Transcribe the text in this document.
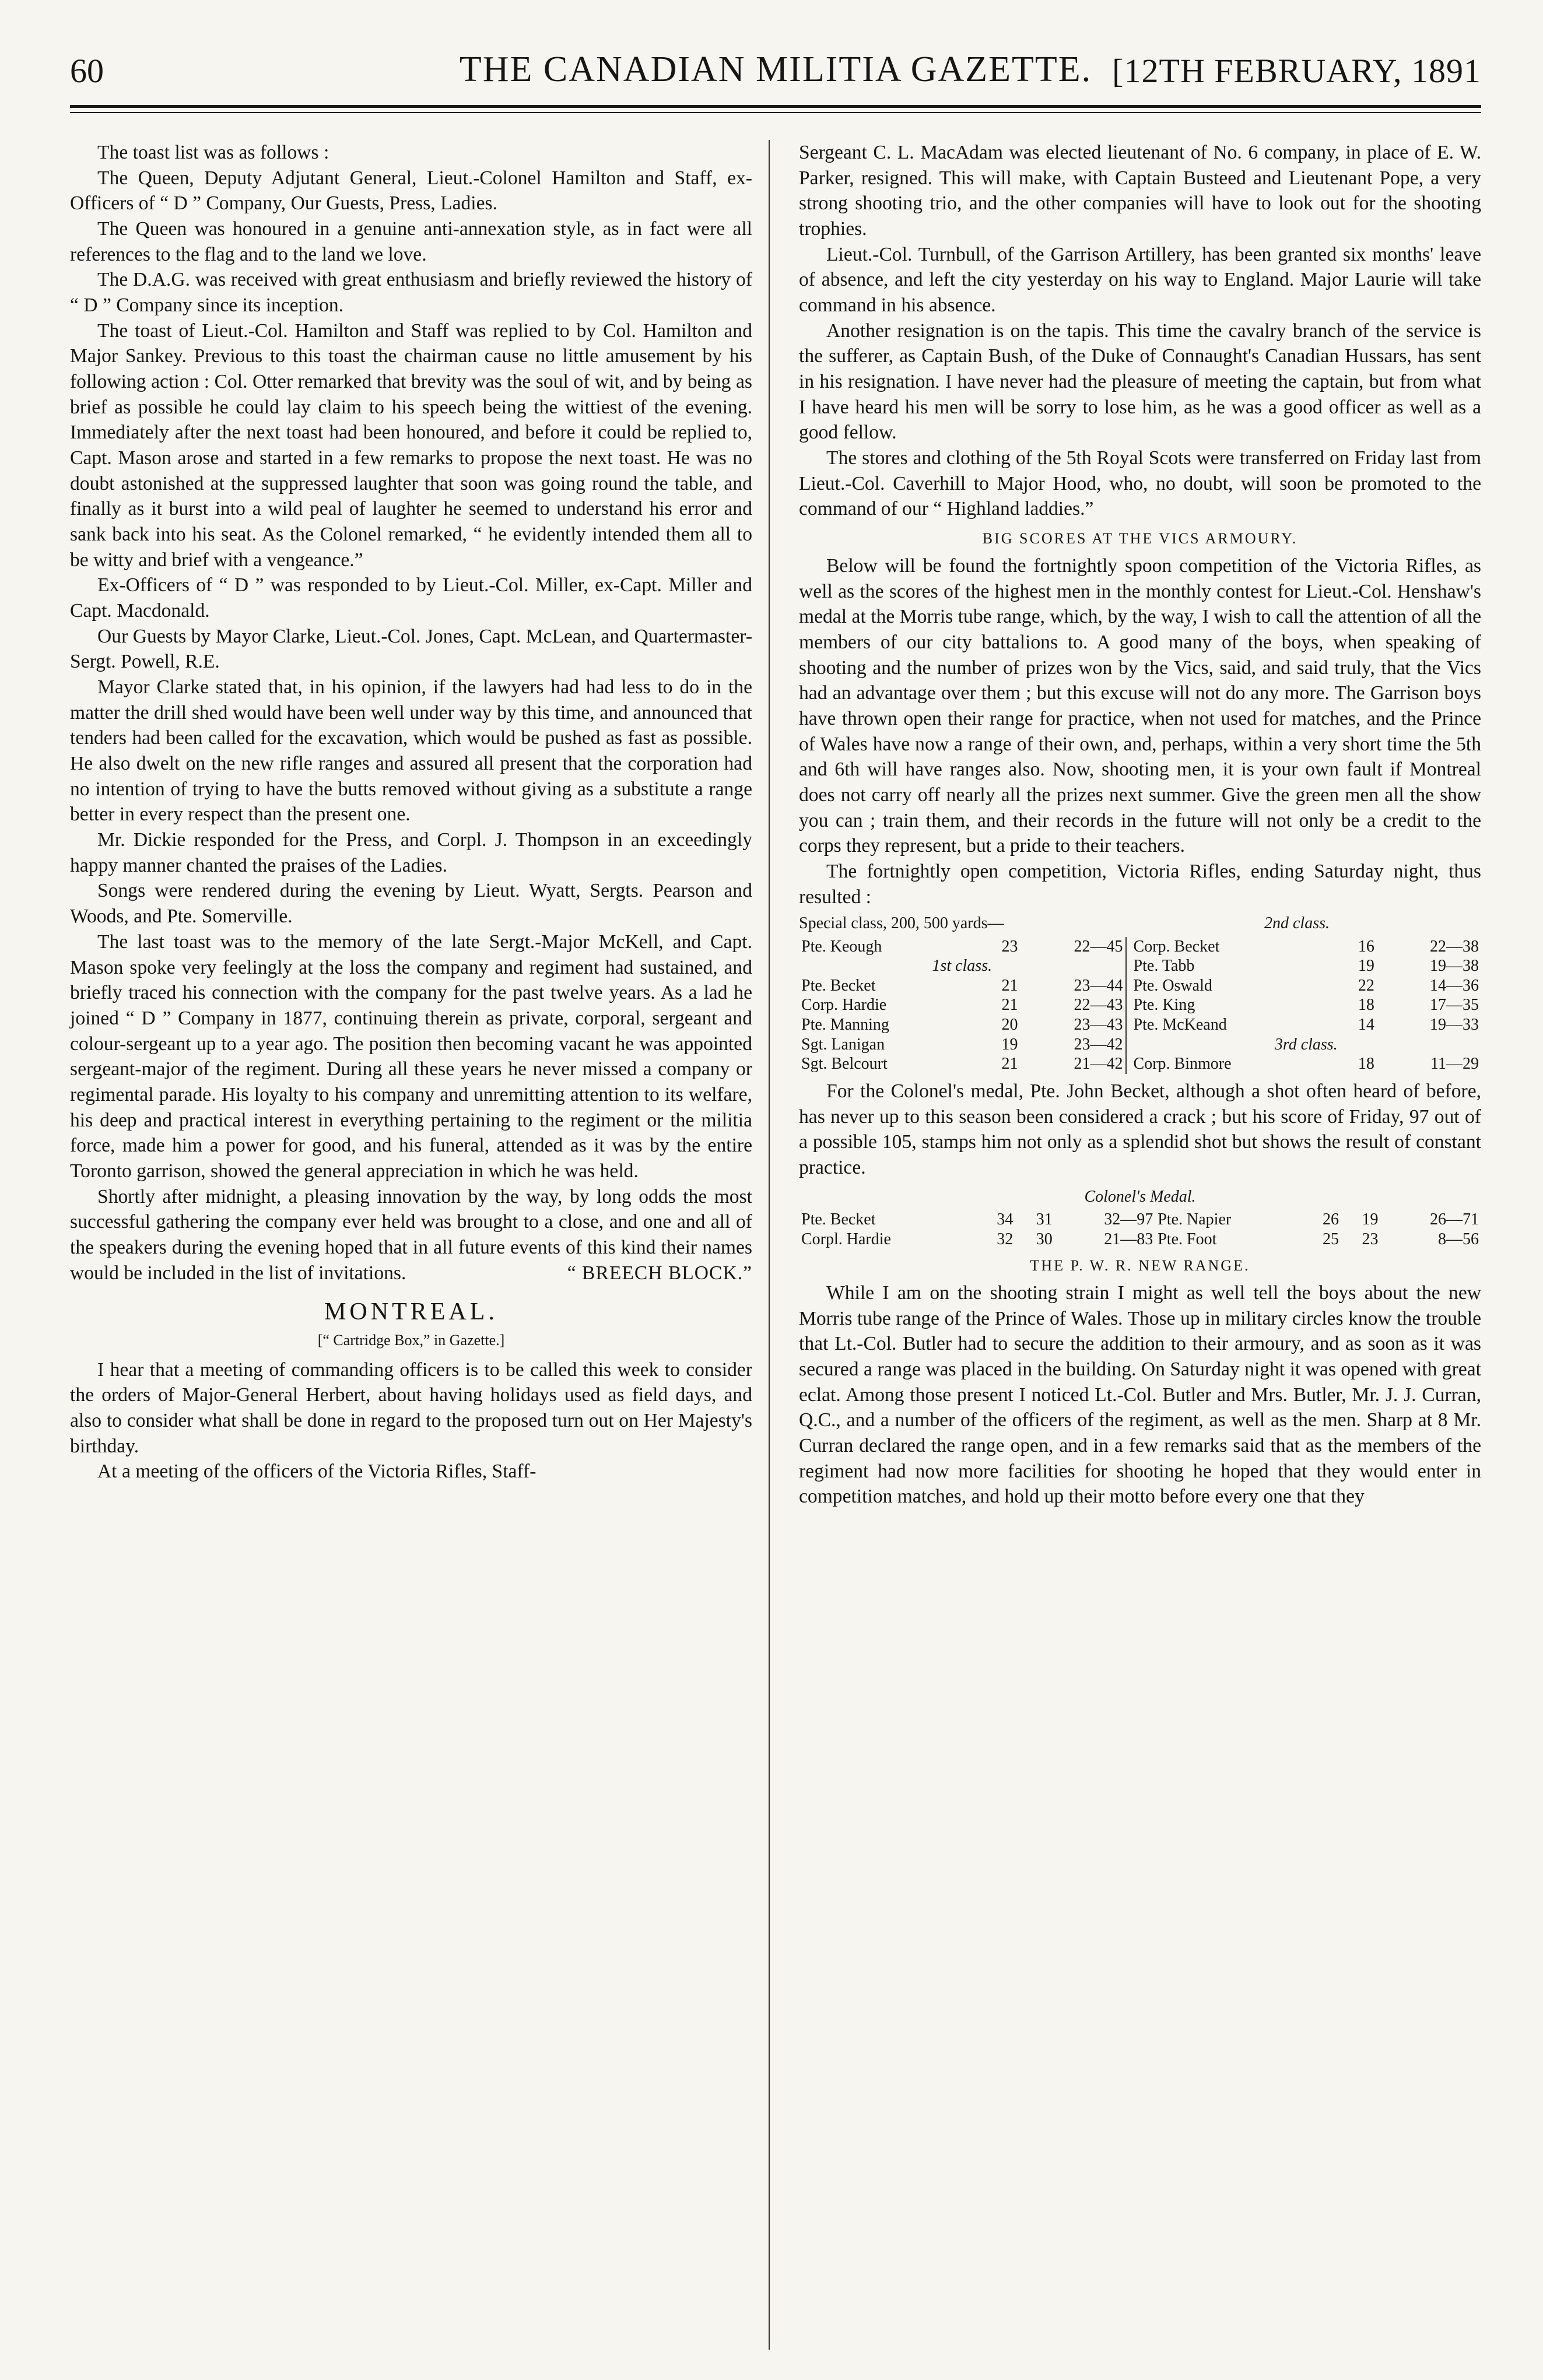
60	THE CANADIAN MILITIA GAZETTE. [12TH FEBRUARY, 1891

The toast list was as follows :

The Queen, Deputy Adjutant General, Lieut.-Colonel Hamilton and Staff, ex-Officers of “ D ” Company, Our Guests, Press, Ladies.

The Queen was honoured in a genuine anti-annexation style, as in fact were all references to the flag and to the land we love.

The D.A.G. was received with great enthusiasm and briefly reviewed the history of “ D ” Company since its inception.

The toast of Lieut.-Col. Hamilton and Staff was replied to by Col. Hamilton and Major Sankey. Previous to this toast the chairman cause no little amusement by his following action : Col. Otter remarked that brevity was the soul of wit, and by being as brief as possible he could lay claim to his speech being the wittiest of the evening. Immediately after the next toast had been honoured, and before it could be replied to, Capt. Mason arose and started in a few remarks to propose the next toast. He was no doubt astonished at the suppressed laughter that soon was going round the table, and finally as it burst into a wild peal of laughter he seemed to understand his error and sank back into his seat. As the Colonel remarked, “ he evidently intended them all to be witty and brief with a vengeance.”

Ex-Officers of “ D ” was responded to by Lieut.-Col. Miller, ex-Capt. Miller and Capt. Macdonald.

Our Guests by Mayor Clarke, Lieut.-Col. Jones, Capt. McLean, and Quartermaster-Sergt. Powell, R.E.

Mayor Clarke stated that, in his opinion, if the lawyers had had less to do in the matter the drill shed would have been well under way by this time, and announced that tenders had been called for the excavation, which would be pushed as fast as possible. He also dwelt on the new rifle ranges and assured all present that the corporation had no intention of trying to have the butts removed without giving as a substitute a range better in every respect than the present one.

Mr. Dickie responded for the Press, and Corpl. J. Thompson in an exceedingly happy manner chanted the praises of the Ladies.

Songs were rendered during the evening by Lieut. Wyatt, Sergts. Pearson and Woods, and Pte. Somerville.

The last toast was to the memory of the late Sergt.-Major McKell, and Capt. Mason spoke very feelingly at the loss the company and regiment had sustained, and briefly traced his connection with the company for the past twelve years. As a lad he joined “ D ” Company in 1877, continuing therein as private, corporal, sergeant and colour-sergeant up to a year ago. The position then becoming vacant he was appointed sergeant-major of the regiment. During all these years he never missed a company or regimental parade. His loyalty to his company and unremitting attention to its welfare, his deep and practical interest in everything pertaining to the regiment or the militia force, made him a power for good, and his funeral, attended as it was by the entire Toronto garrison, showed the general appreciation in which he was held.

Shortly after midnight, a pleasing innovation by the way, by long odds the most successful gathering the company ever held was brought to a close, and one and all of the speakers during the evening hoped that in all future events of this kind their names would be included in the list of invitations.	“ BREECH BLOCK.”

MONTREAL.
[“ Cartridge Box,” in Gazette.]

I hear that a meeting of commanding officers is to be called this week to consider the orders of Major-General Herbert, about having holidays used as field days, and also to consider what shall be done in regard to the proposed turn out on Her Majesty's birthday.

At a meeting of the officers of the Victoria Rifles, Staff-

Sergeant C. L. MacAdam was elected lieutenant of No. 6 company, in place of E. W. Parker, resigned. This will make, with Captain Busteed and Lieutenant Pope, a very strong shooting trio, and the other companies will have to look out for the shooting trophies.

Lieut.-Col. Turnbull, of the Garrison Artillery, has been granted six months' leave of absence, and left the city yesterday on his way to England. Major Laurie will take command in his absence.

Another resignation is on the tapis. This time the cavalry branch of the service is the sufferer, as Captain Bush, of the Duke of Connaught's Canadian Hussars, has sent in his resignation. I have never had the pleasure of meeting the captain, but from what I have heard his men will be sorry to lose him, as he was a good officer as well as a good fellow.

The stores and clothing of the 5th Royal Scots were transferred on Friday last from Lieut.-Col. Caverhill to Major Hood, who, no doubt, will soon be promoted to the command of our “ Highland laddies.”

BIG SCORES AT THE VICS ARMOURY.

Below will be found the fortnightly spoon competition of the Victoria Rifles, as well as the scores of the highest men in the monthly contest for Lieut.-Col. Henshaw's medal at the Morris tube range, which, by the way, I wish to call the attention of all the members of our city battalions to. A good many of the boys, when speaking of shooting and the number of prizes won by the Vics, said, and said truly, that the Vics had an advantage over them ; but this excuse will not do any more. The Garrison boys have thrown open their range for practice, when not used for matches, and the Prince of Wales have now a range of their own, and, perhaps, within a very short time the 5th and 6th will have ranges also. Now, shooting men, it is your own fault if Montreal does not carry off nearly all the prizes next summer. Give the green men all the show you can ; train them, and their records in the future will not only be a credit to the corps they represent, but a pride to their teachers.

The fortnightly open competition, Victoria Rifles, ending Saturday night, thus resulted :

Special class, 200, 500 yards—	2nd class.
Pte. Keough	23	22—45	Corp. Becket	16	22—38
1st class.			Pte. Tabb	19	19—38
Pte. Becket	21	23—44	Pte. Oswald	22	14—36
Corp. Hardie	21	22—43	Pte. King	18	17—35
Pte. Manning	20	23—43	Pte. McKeand	14	19—33
Sgt. Lanigan	19	23—42	3rd class.		
Sgt. Belcourt	21	21—42	Corp. Binmore	18	11—29

For the Colonel's medal, Pte. John Becket, although a shot often heard of before, has never up to this season been considered a crack ; but his score of Friday, 97 out of a possible 105, stamps him not only as a splendid shot but shows the result of constant practice.

Colonel's Medal.
Pte. Becket	34	31	32—97	Pte. Napier	26	19	26—71
Corpl. Hardie	32	30	21—83	Pte. Foot	25	23	8—56
THE P. W. R. NEW RANGE.

While I am on the shooting strain I might as well tell the boys about the new Morris tube range of the Prince of Wales. Those up in military circles know the trouble that Lt.-Col. Butler had to secure the addition to their armoury, and as soon as it was secured a range was placed in the building. On Saturday night it was opened with great eclat. Among those present I noticed Lt.-Col. Butler and Mrs. Butler, Mr. J. J. Curran, Q.C., and a number of the officers of the regiment, as well as the men. Sharp at 8 Mr. Curran declared the range open, and in a few remarks said that as the members of the regiment had now more facilities for shooting he hoped that they would enter in competition matches, and hold up their motto before every one that they
